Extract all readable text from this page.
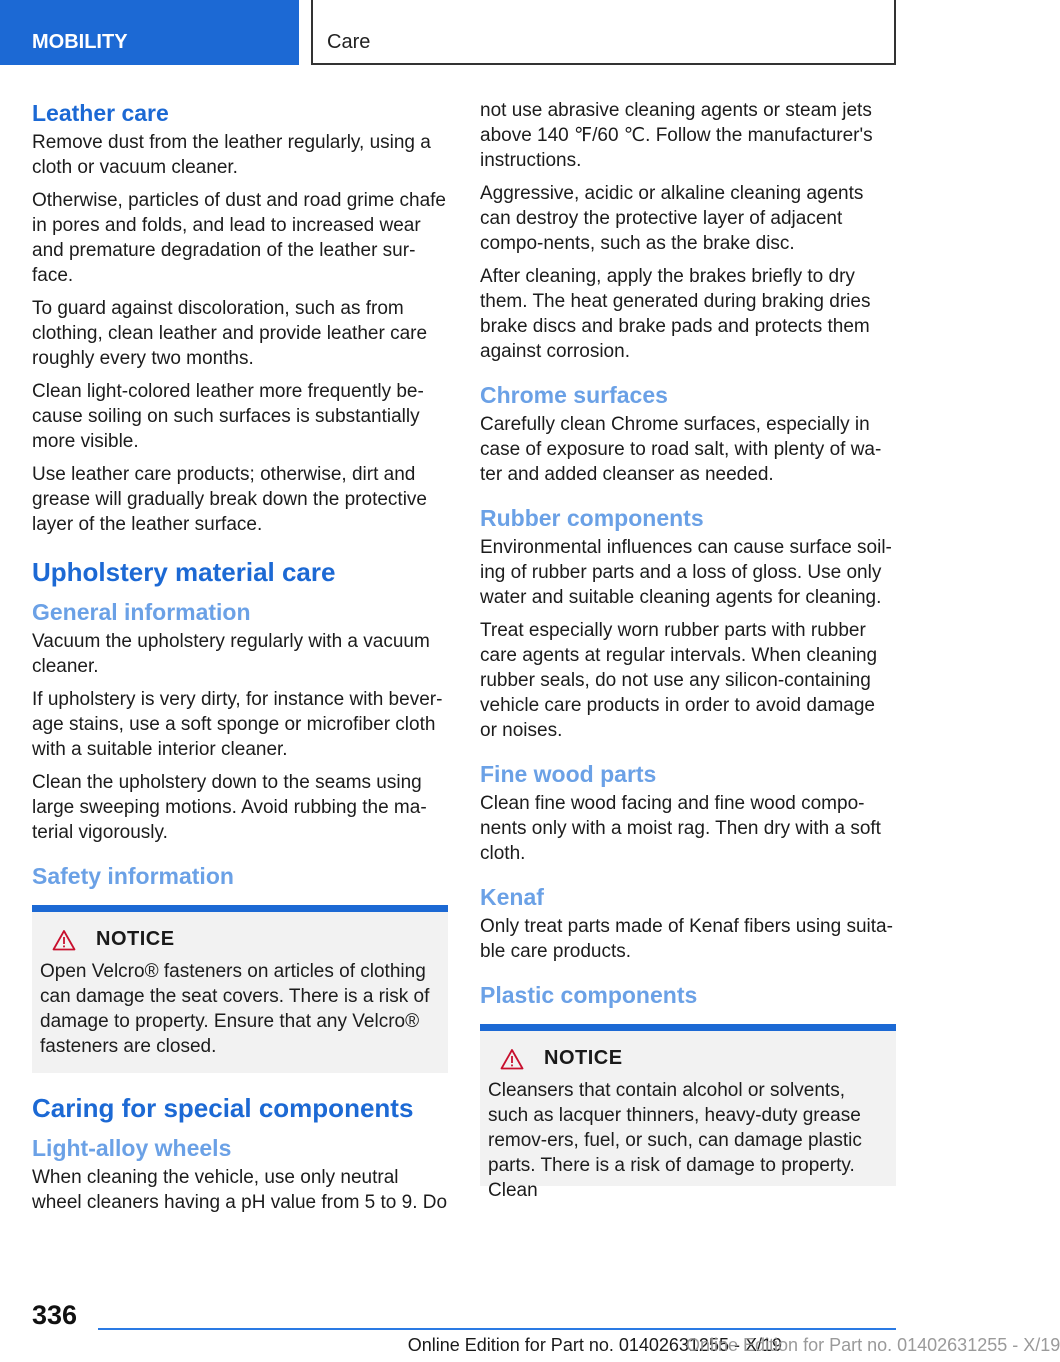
MOBILITY	Care
Leather care

Remove dust from the leather regularly, using a cloth or vacuum cleaner.

Otherwise, particles of dust and road grime chafe in pores and folds, and lead to increased wear and premature degradation of the leather sur-face.

To guard against discoloration, such as from clothing, clean leather and provide leather care roughly every two months.

Clean light-colored leather more frequently be-cause soiling on such surfaces is substantially more visible.

Use leather care products; otherwise, dirt and grease will gradually break down the protective layer of the leather surface.

Upholstery material care
General information

Vacuum the upholstery regularly with a vacuum cleaner.

If upholstery is very dirty, for instance with bever-age stains, use a soft sponge or microfiber cloth with a suitable interior cleaner.

Clean the upholstery down to the seams using large sweeping motions. Avoid rubbing the ma-terial vigorously.

Safety information
NOTICE

Open Velcro® fasteners on articles of clothing can damage the seat covers. There is a risk of damage to property. Ensure that any Velcro® fasteners are closed.

Caring for special components
Light-alloy wheels

When cleaning the vehicle, use only neutral wheel cleaners having a pH value from 5 to 9. Do

not use abrasive cleaning agents or steam jets above 140 ℉/60 ℃. Follow the manufacturer's instructions.

Aggressive, acidic or alkaline cleaning agents can destroy the protective layer of adjacent compo-nents, such as the brake disc.

After cleaning, apply the brakes briefly to dry them. The heat generated during braking dries brake discs and brake pads and protects them against corrosion.

Chrome surfaces

Carefully clean Chrome surfaces, especially in case of exposure to road salt, with plenty of wa-ter and added cleanser as needed.

Rubber components

Environmental influences can cause surface soil-ing of rubber parts and a loss of gloss. Use only water and suitable cleaning agents for cleaning.

Treat especially worn rubber parts with rubber care agents at regular intervals. When cleaning rubber seals, do not use any silicon-containing vehicle care products in order to avoid damage or noises.

Fine wood parts

Clean fine wood facing and fine wood compo-nents only with a moist rag. Then dry with a soft cloth.

Kenaf

Only treat parts made of Kenaf fibers using suita-ble care products.

Plastic components
NOTICE

Cleansers that contain alcohol or solvents, such as lacquer thinners, heavy-duty grease remov-ers, fuel, or such, can damage plastic parts. There is a risk of damage to property. Clean

336
Online Edition for Part no. 01402631255 - X/19
Online Edition for Part no. 01402631255 - X/19
